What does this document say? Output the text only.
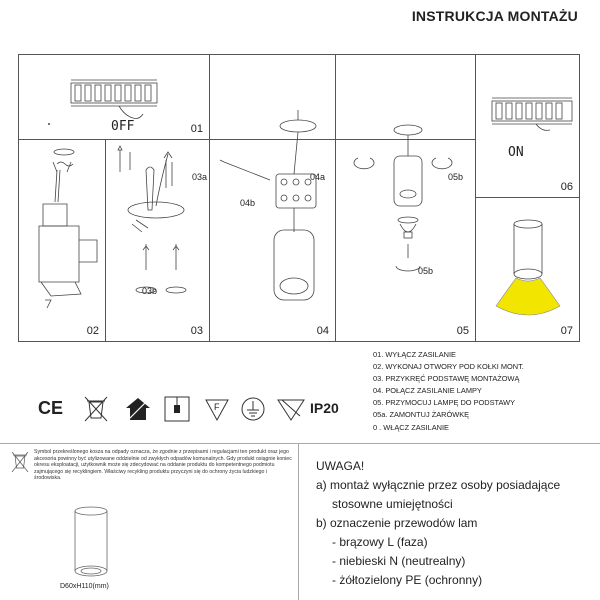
INSTRUKCJA MONTAŻU
0FF	01
ON
06
02
03a
03b
03
04a
04b
04
05b
05b
05	07
01. WYŁĄCZ ZASILANIE
02. WYKONAJ OTWORY POD KOŁKI MONT.
03. PRZYKRĘĆ PODSTAWĘ MONTAŻOWĄ
04. POŁĄCZ ZASILANIE LAMPY
05. PRZYMOCUJ LAMPĘ DO PODSTAWY
05a. ZAMONTUJ ŻARÓWKĘ
0 . WŁĄCZ ZASILANIE
CE	F	IP20
Symbol przekreślonego kosza na odpady oznacza, że zgodnie z przepisami i regulacjami ten produkt oraz jego akcesoria powinny być utylizowane oddzielnie od zwykłych odpadów komunalnych. Gdy produkt osiągnie koniec okresu eksploatacji, użytkownik może się zdecydować na oddanie produktu do kompetentnego podmiotu zajmującego się recyklingiem. Właściwy recykling produktu przyczyni się do ochrony życia ludzkiego i środowiska.
D60xH110(mm)
UWAGA!
a) montaż wyłącznie przez osoby posiadające
stosowne umiejętności
b) oznaczenie przewodów lam
- brązowy L (faza)
- niebieski N (neutrealny)
- żółtozielony PE (ochronny)
